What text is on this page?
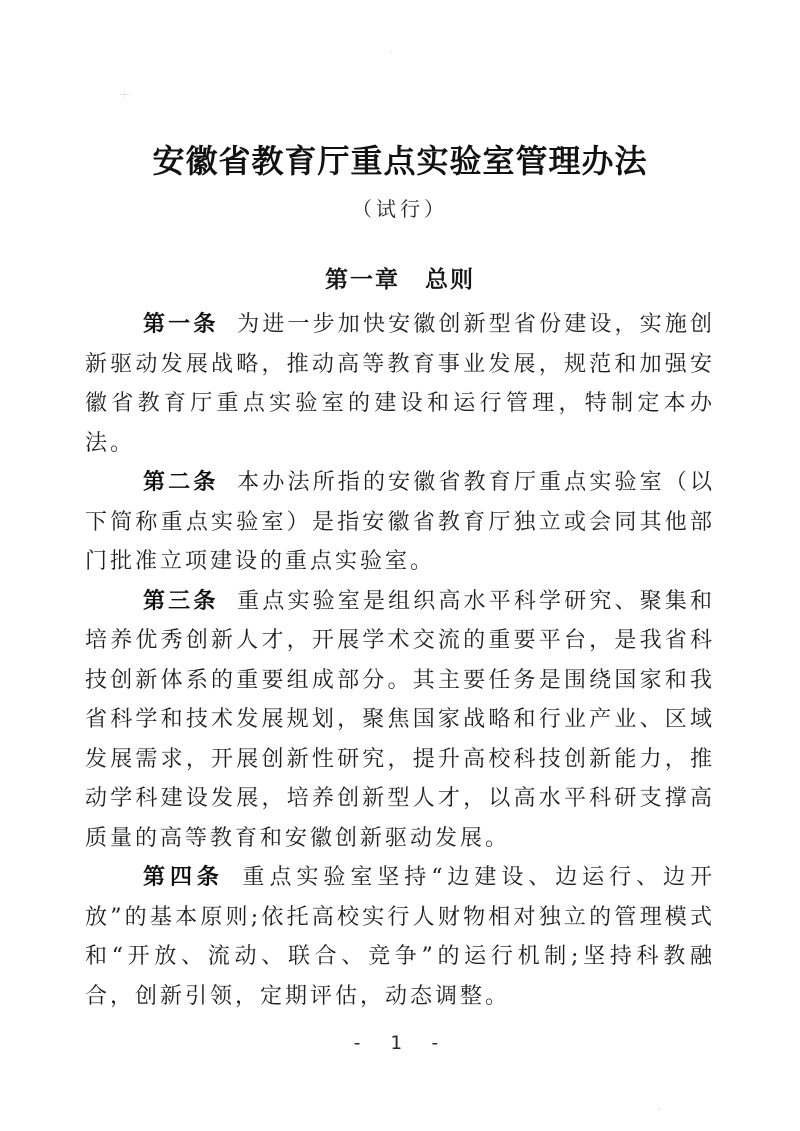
安徽省教育厅重点实验室管理办法
（试行）
第一章　总则

第一条 为进一步加快安徽创新型省份建设，实施创新驱动发展战略，推动高等教育事业发展，规范和加强安徽省教育厅重点实验室的建设和运行管理，特制定本办法。

第二条 本办法所指的安徽省教育厅重点实验室（以下简称重点实验室）是指安徽省教育厅独立或会同其他部门批准立项建设的重点实验室。

第三条 重点实验室是组织高水平科学研究、聚集和培养优秀创新人才，开展学术交流的重要平台，是我省科技创新体系的重要组成部分。其主要任务是围绕国家和我省科学和技术发展规划，聚焦国家战略和行业产业、区域发展需求，开展创新性研究，提升高校科技创新能力，推动学科建设发展，培养创新型人才，以高水平科研支撑高质量的高等教育和安徽创新驱动发展。

第四条 重点实验室坚持“边建设、边运行、边开放”的基本原则;依托高校实行人财物相对独立的管理模式和“开放、流动、联合、竞争”的运行机制;坚持科教融合，创新引领，定期评估，动态调整。

- 1 -
